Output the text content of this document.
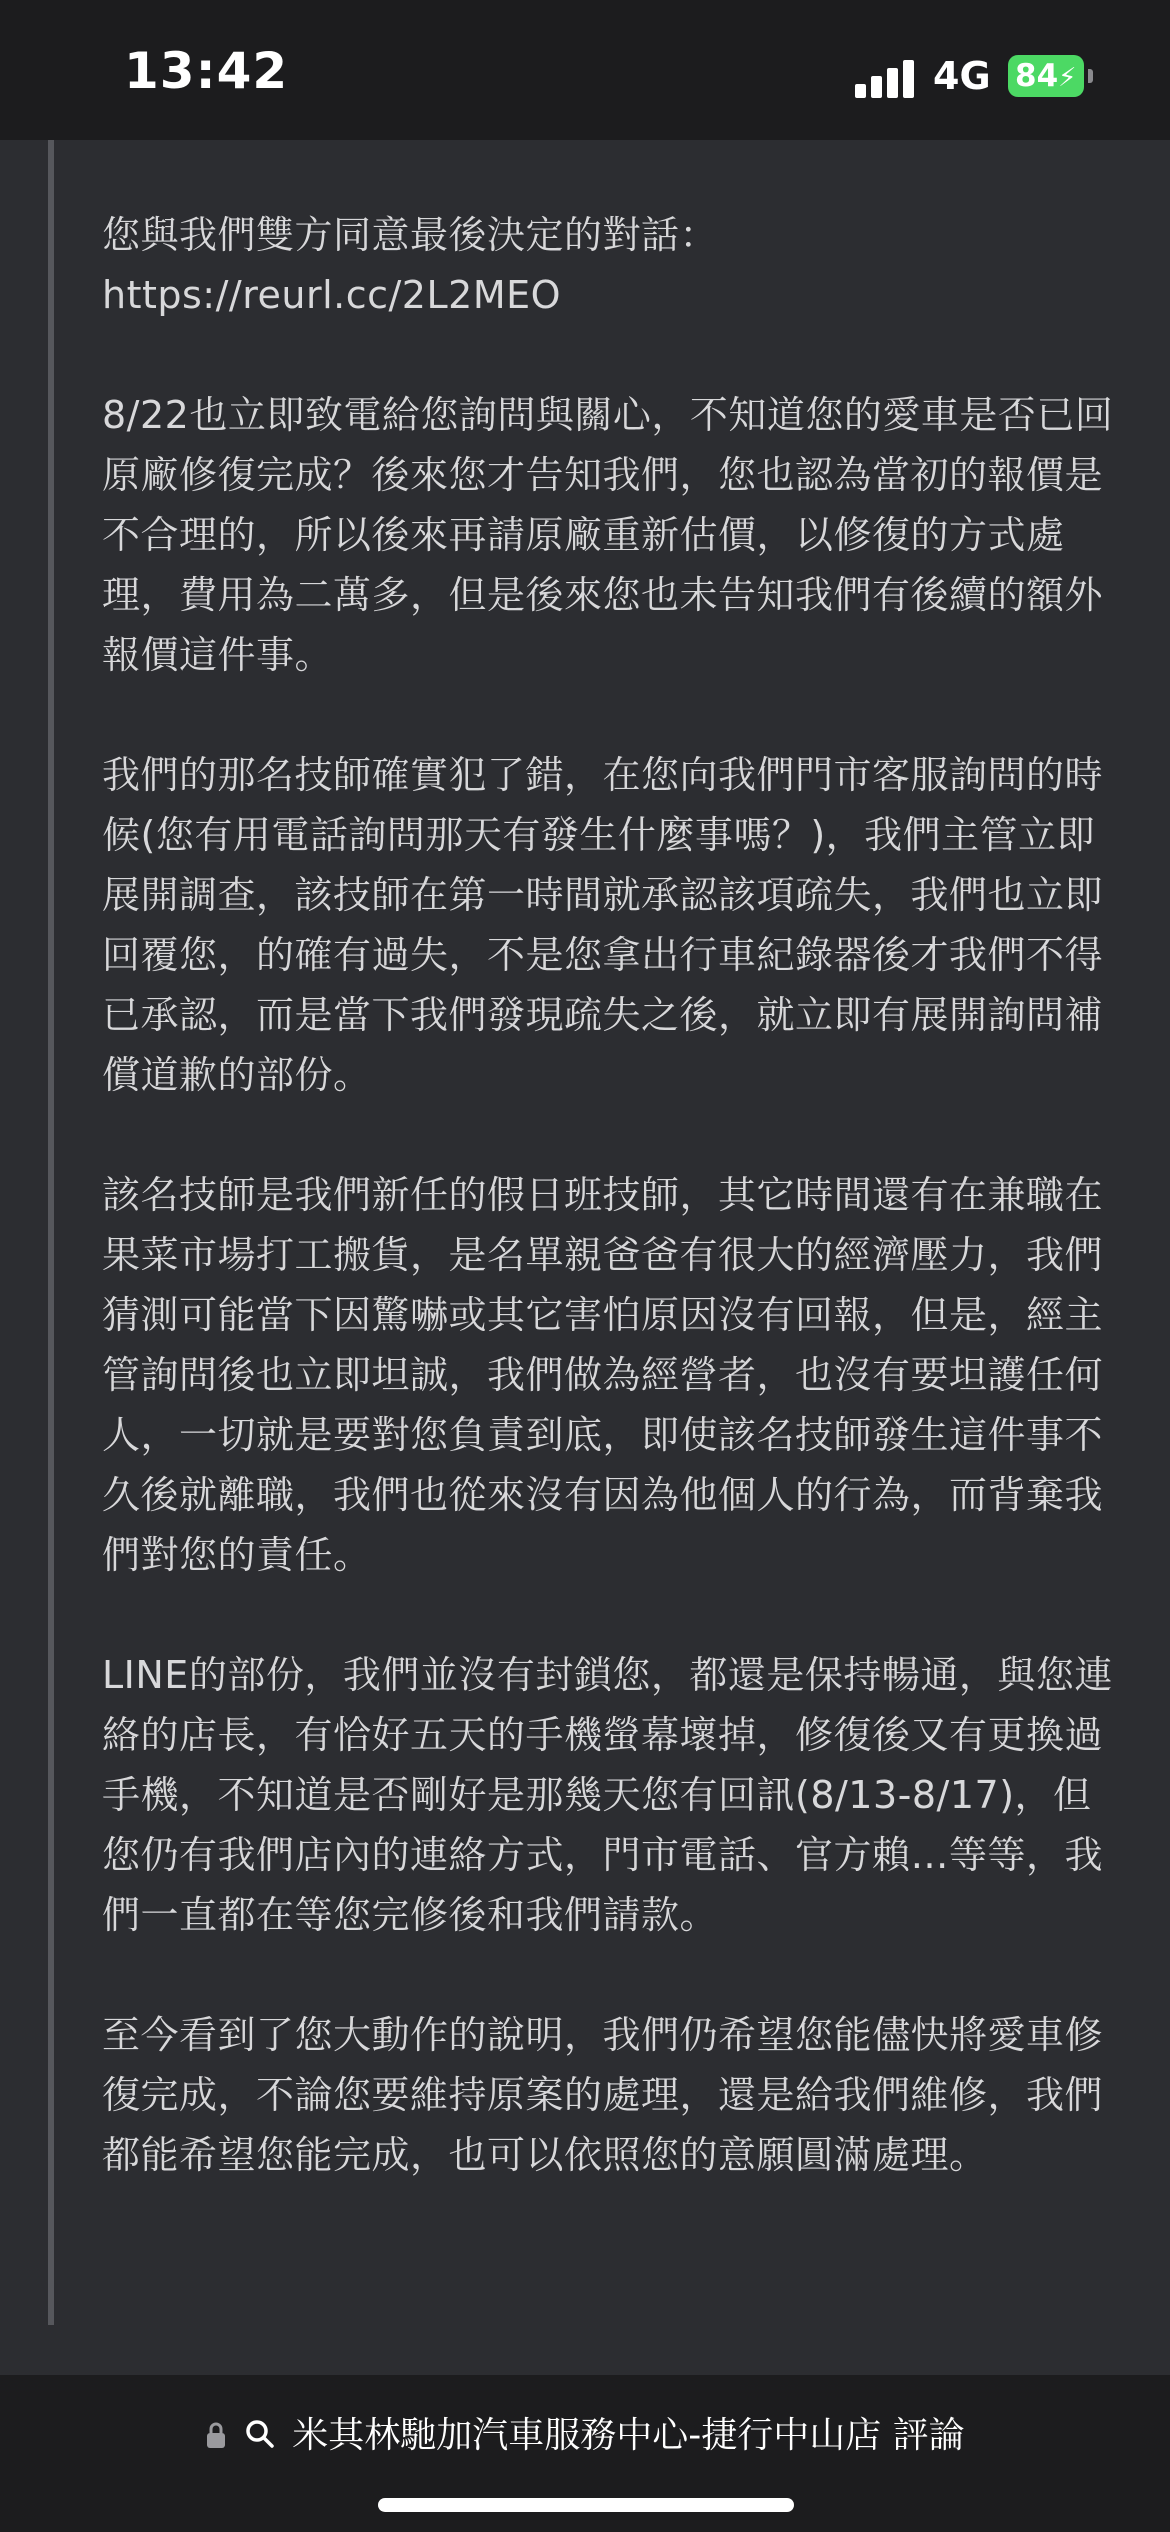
13:42	4G 84⚡

您與我們雙方同意最後決定的對話：
https://reurl.cc/2L2MEO

8/22也立即致電給您詢問與關心，不知道您的愛車是否已回原廠修復完成？後來您才告知我們，您也認為當初的報價是不合理的，所以後來再請原廠重新估價，以修復的方式處理，費用為二萬多，但是後來您也未告知我們有後續的額外報價這件事。

我們的那名技師確實犯了錯，在您向我們門市客服詢問的時候(您有用電話詢問那天有發生什麼事嗎？)，我們主管立即展開調查，該技師在第一時間就承認該項疏失，我們也立即回覆您，的確有過失，不是您拿出行車紀錄器後才我們不得已承認，而是當下我們發現疏失之後，就立即有展開詢問補償道歉的部份。

該名技師是我們新任的假日班技師，其它時間還有在兼職在果菜市場打工搬貨，是名單親爸爸有很大的經濟壓力，我們猜測可能當下因驚嚇或其它害怕原因沒有回報，但是，經主管詢問後也立即坦誠，我們做為經營者，也沒有要坦護任何人，一切就是要對您負責到底，即使該名技師發生這件事不久後就離職，我們也從來沒有因為他個人的行為，而背棄我們對您的責任。

LINE的部份，我們並沒有封鎖您，都還是保持暢通，與您連絡的店長，有恰好五天的手機螢幕壞掉，修復後又有更換過手機，不知道是否剛好是那幾天您有回訊(8/13-8/17)，但您仍有我們店內的連絡方式，門市電話、官方賴…等等，我們一直都在等您完修後和我們請款。

至今看到了您大動作的說明，我們仍希望您能儘快將愛車修復完成，不論您要維持原案的處理，還是給我們維修，我們都能希望您能完成，也可以依照您的意願圓滿處理。

米其林馳加汽車服務中心-捷行中山店 評論
